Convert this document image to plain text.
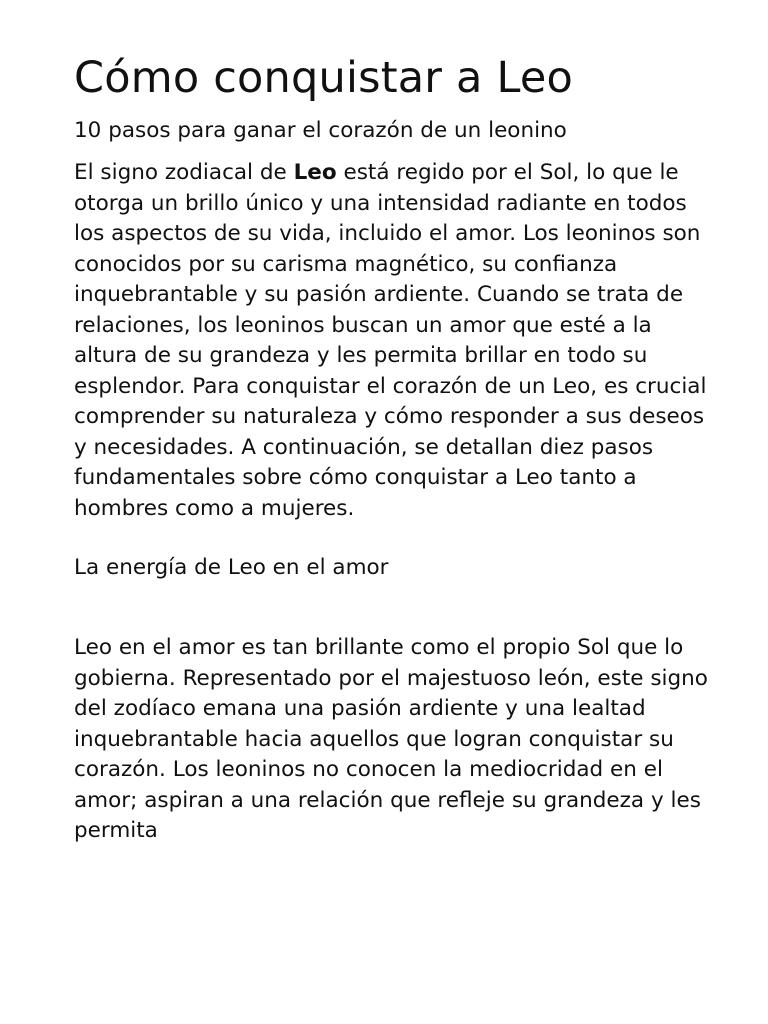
Cómo conquistar a Leo

10 pasos para ganar el corazón de un leonino

El signo zodiacal de Leo está regido por el Sol, lo que le otorga un brillo único y una intensidad radiante en todos los aspectos de su vida, incluido el amor. Los leoninos son conocidos por su carisma magnético, su confianza inquebrantable y su pasión ardiente. Cuando se trata de relaciones, los leoninos buscan un amor que esté a la altura de su grandeza y les permita brillar en todo su esplendor. Para conquistar el corazón de un Leo, es crucial comprender su naturaleza y cómo responder a sus deseos y necesidades. A continuación, se detallan diez pasos fundamentales sobre cómo conquistar a Leo tanto a hombres como a mujeres.

La energía de Leo en el amor

Leo en el amor es tan brillante como el propio Sol que lo gobierna. Representado por el majestuoso león, este signo del zodíaco emana una pasión ardiente y una lealtad inquebrantable hacia aquellos que logran conquistar su corazón. Los leoninos no conocen la mediocridad en el amor; aspiran a una relación que refleje su grandeza y les permita
